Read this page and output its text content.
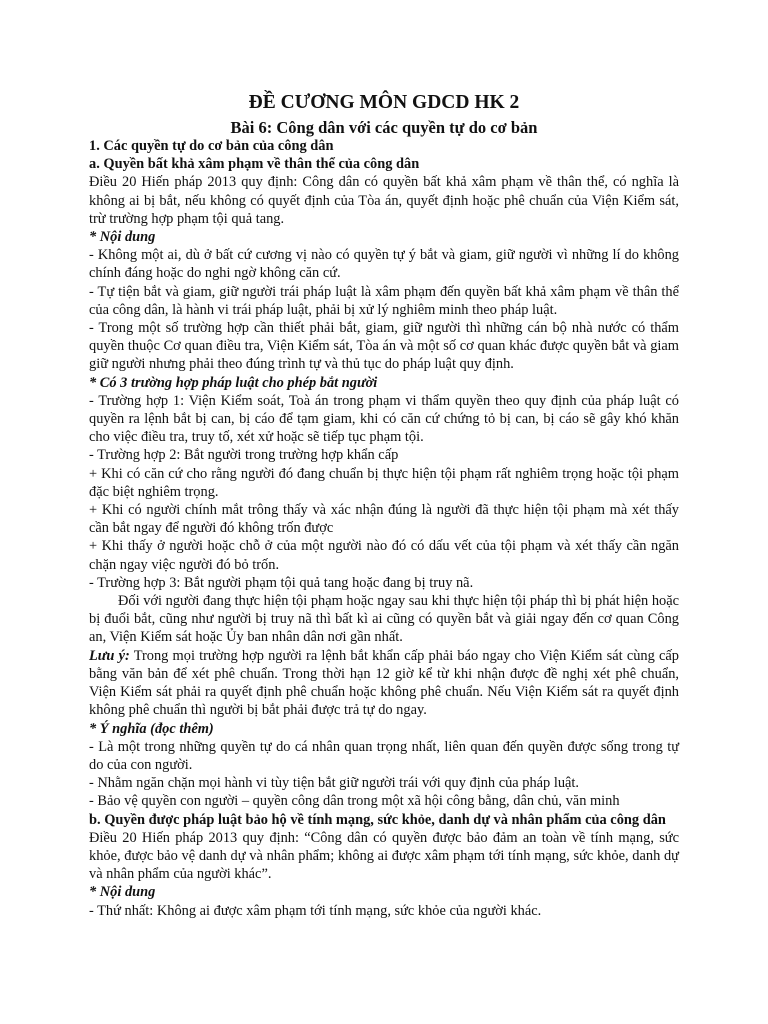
ĐỀ CƯƠNG MÔN GDCD HK 2
Bài 6: Công dân với các quyền tự do cơ bản
1. Các quyền tự do cơ bản của công dân
a. Quyền bất khả xâm phạm về thân thể của công dân

Điều 20 Hiến pháp 2013 quy định: Công dân có quyền bất khả xâm phạm về thân thể, có nghĩa là không ai bị bắt, nếu không có quyết định của Tòa án, quyết định hoặc phê chuẩn của Viện Kiểm sát, trừ trường hợp phạm tội quả tang.

* Nội dung

- Không một ai, dù ở bất cứ cương vị nào có quyền tự ý bắt và giam, giữ người vì những lí do không chính đáng hoặc do nghi ngờ không căn cứ.

- Tự tiện bắt và giam, giữ người trái pháp luật là xâm phạm đến quyền bất khả xâm phạm về thân thể của công dân, là hành vi trái pháp luật, phải bị xử lý nghiêm minh theo pháp luật.

- Trong một số trường hợp cần thiết phải bắt, giam, giữ người thì những cán bộ nhà nước có thẩm quyền thuộc Cơ quan điều tra, Viện Kiểm sát, Tòa án và một số cơ quan khác được quyền bắt và giam giữ người nhưng phải theo đúng trình tự và thủ tục do pháp luật quy định.

* Có 3 trường hợp pháp luật cho phép bắt người

- Trường hợp 1: Viện Kiểm soát, Toà án trong phạm vi thẩm quyền theo quy định của pháp luật có quyền ra lệnh bắt bị can, bị cáo để tạm giam, khi có căn cứ chứng tỏ bị can, bị cáo sẽ gây khó khăn cho việc điều tra, truy tố, xét xử hoặc sẽ tiếp tục phạm tội.

- Trường hợp 2: Bắt người trong trường hợp khẩn cấp

+ Khi có căn cứ cho rằng người đó đang chuẩn bị thực hiện tội phạm rất nghiêm trọng hoặc tội phạm đặc biệt nghiêm trọng.

+ Khi có người chính mắt trông thấy và xác nhận đúng là người đã thực hiện tội phạm mà xét thấy cần bắt ngay để người đó không trốn được

+ Khi thấy ở người hoặc chỗ ở của một người nào đó có dấu vết của tội phạm và xét thấy cần ngăn chặn ngay việc người đó bỏ trốn.

- Trường hợp 3: Bắt người phạm tội quả tang hoặc đang bị truy nã.

Đối với người đang thực hiện tội phạm hoặc ngay sau khi thực hiện tội pháp thì bị phát hiện hoặc bị đuổi bắt, cũng như người bị truy nã thì bất kì ai cũng có quyền bắt và giải ngay đến cơ quan Công an, Viện Kiểm sát hoặc Ủy ban nhân dân nơi gần nhất.

Lưu ý: Trong mọi trường hợp người ra lệnh bắt khẩn cấp phải báo ngay cho Viện Kiểm sát cùng cấp bằng văn bản để xét phê chuẩn. Trong thời hạn 12 giờ kể từ khi nhận được đề nghị xét phê chuẩn, Viện Kiểm sát phải ra quyết định phê chuẩn hoặc không phê chuẩn. Nếu Viện Kiểm sát ra quyết định không phê chuẩn thì người bị bắt phải được trả tự do ngay.

* Ý nghĩa (đọc thêm)

- Là một trong những quyền tự do cá nhân quan trọng nhất, liên quan đến quyền được sống trong tự do của con người.

- Nhằm ngăn chặn mọi hành vi tùy tiện bắt giữ người trái với quy định của pháp luật.

- Bảo vệ quyền con người – quyền công dân trong một xã hội công bằng, dân chủ, văn minh

b. Quyền được pháp luật bảo hộ về tính mạng, sức khỏe, danh dự và nhân phẩm của công dân

Điều 20 Hiến pháp 2013 quy định: “Công dân có quyền được bảo đảm an toàn về tính mạng, sức khỏe, được bảo vệ danh dự và nhân phẩm; không ai được xâm phạm tới tính mạng, sức khỏe, danh dự và nhân phẩm của người khác”.

* Nội dung

- Thứ nhất: Không ai được xâm phạm tới tính mạng, sức khỏe của người khác.
